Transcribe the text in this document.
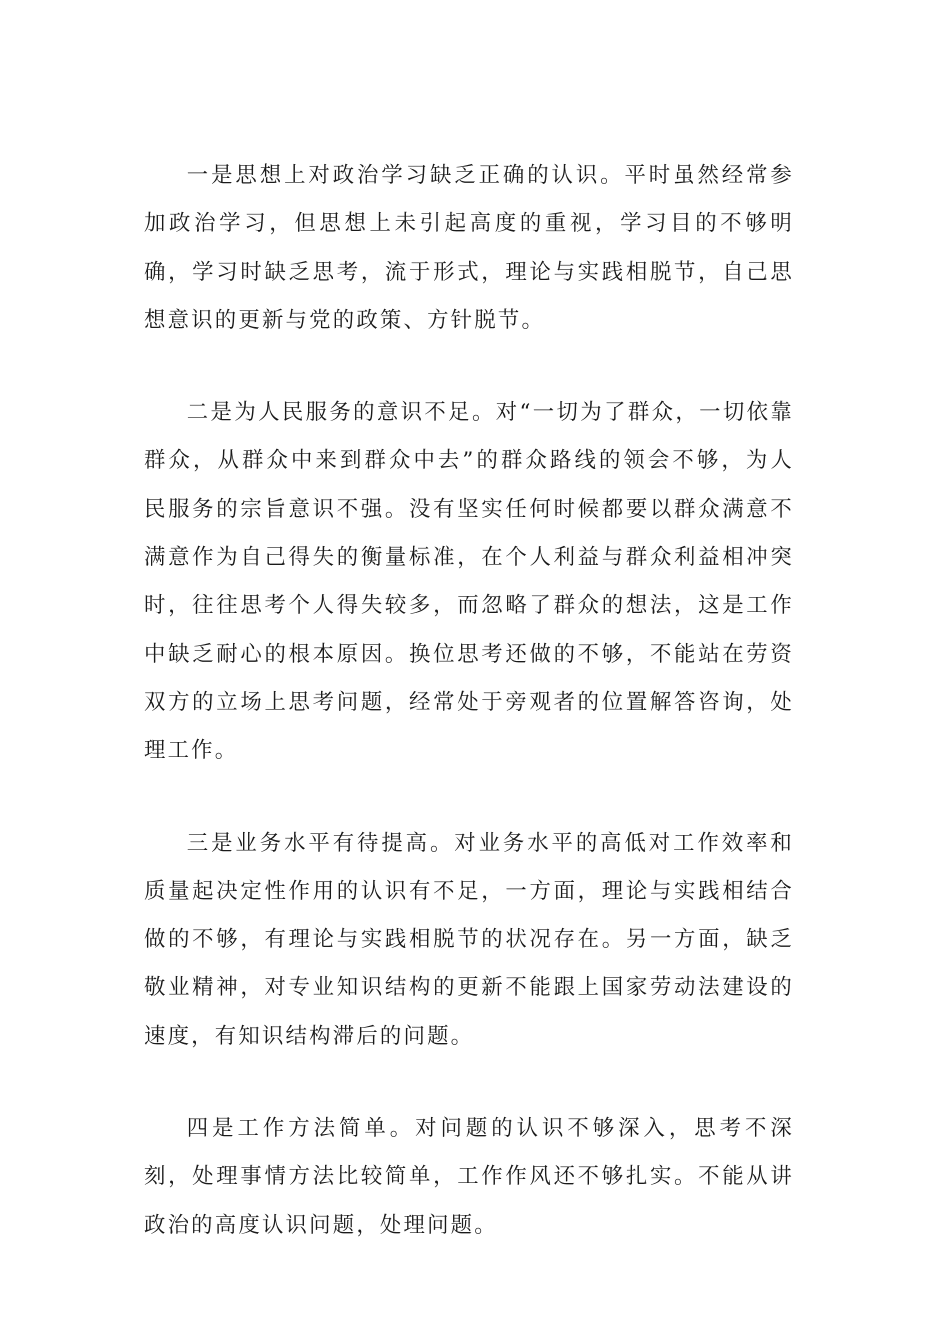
一是思想上对政治学习缺乏正确的认识。平时虽然经常参加政治学习，但思想上未引起高度的重视，学习目的不够明确，学习时缺乏思考，流于形式，理论与实践相脱节，自己思想意识的更新与党的政策、方针脱节。

二是为人民服务的意识不足。对“一切为了群众，一切依靠群众，从群众中来到群众中去”的群众路线的领会不够，为人民服务的宗旨意识不强。没有坚实任何时候都要以群众满意不满意作为自己得失的衡量标准，在个人利益与群众利益相冲突时，往往思考个人得失较多，而忽略了群众的想法，这是工作中缺乏耐心的根本原因。换位思考还做的不够，不能站在劳资双方的立场上思考问题，经常处于旁观者的位置解答咨询，处理工作。

三是业务水平有待提高。对业务水平的高低对工作效率和质量起决定性作用的认识有不足，一方面，理论与实践相结合做的不够，有理论与实践相脱节的状况存在。另一方面，缺乏敬业精神，对专业知识结构的更新不能跟上国家劳动法建设的速度，有知识结构滞后的问题。

四是工作方法简单。对问题的认识不够深入，思考不深刻，处理事情方法比较简单，工作作风还不够扎实。不能从讲政治的高度认识问题，处理问题。
